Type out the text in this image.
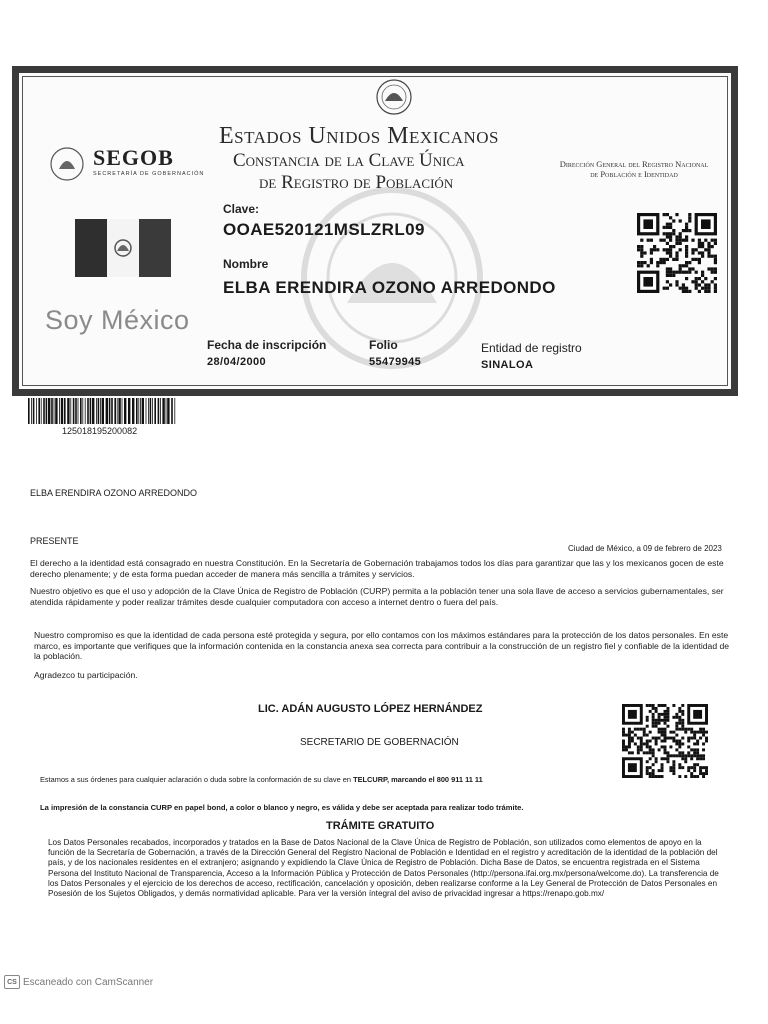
SEGOB
SECRETARÍA DE GOBERNACIÓN
Estados Unidos Mexicanos
Constancia de la Clave Única
de Registro de Población
Dirección General del Registro Nacional de Población e Identidad
Soy México
Clave:
OOAE520121MSLZRL09
Nombre
ELBA ERENDIRA OZONO ARREDONDO
Fecha de inscripción
28/04/2000
Folio
55479945
Entidad de registro
SINALOA
125018195200082
ELBA ERENDIRA OZONO ARREDONDO
PRESENTE
Ciudad de México, a 09 de febrero de 2023
El derecho a la identidad está consagrado en nuestra Constitución. En la Secretaría de Gobernación trabajamos todos los días para garantizar que las y los mexicanos gocen de este derecho plenamente; y de esta forma puedan acceder de manera más sencilla a trámites y servicios.
Nuestro objetivo es que el uso y adopción de la Clave Única de Registro de Población (CURP) permita a la población tener una sola llave de acceso a servicios gubernamentales, ser atendida rápidamente y poder realizar trámites desde cualquier computadora con acceso a internet dentro o fuera del país.
Nuestro compromiso es que la identidad de cada persona esté protegida y segura, por ello contamos con los máximos estándares para la protección de los datos personales. En este marco, es importante que verifiques que la información contenida en la constancia anexa sea correcta para contribuir a la construcción de un registro fiel y confiable de la identidad de la población.
Agradezco tu participación.
LIC. ADÁN AUGUSTO LÓPEZ HERNÁNDEZ
SECRETARIO DE GOBERNACIÓN
Estamos a sus órdenes para cualquier aclaración o duda sobre la conformación de su clave en TELCURP, marcando el 800 911 11 11
La impresión de la constancia CURP en papel bond, a color o blanco y negro, es válida y debe ser aceptada para realizar todo trámite.
TRÁMITE GRATUITO
Los Datos Personales recabados, incorporados y tratados en la Base de Datos Nacional de la Clave Única de Registro de Población, son utilizados como elementos de apoyo en la función de la Secretaría de Gobernación, a través de la Dirección General del Registro Nacional de Población e Identidad en el registro y acreditación de la identidad de la población del país, y de los nacionales residentes en el extranjero; asignando y expidiendo la Clave Única de Registro de Población. Dicha Base de Datos, se encuentra registrada en el Sistema Persona del Instituto Nacional de Transparencia, Acceso a la Información Pública y Protección de Datos Personales (http://persona.ifai.org.mx/persona/welcome.do). La transferencia de los Datos Personales y el ejercicio de los derechos de acceso, rectificación, cancelación y oposición, deben realizarse conforme a la Ley General de Protección de Datos Personales en Posesión de los Sujetos Obligados, y demás normatividad aplicable. Para ver la versión íntegral del aviso de privacidad ingresar a https://renapo.gob.mx/
CS Escaneado con CamScanner
